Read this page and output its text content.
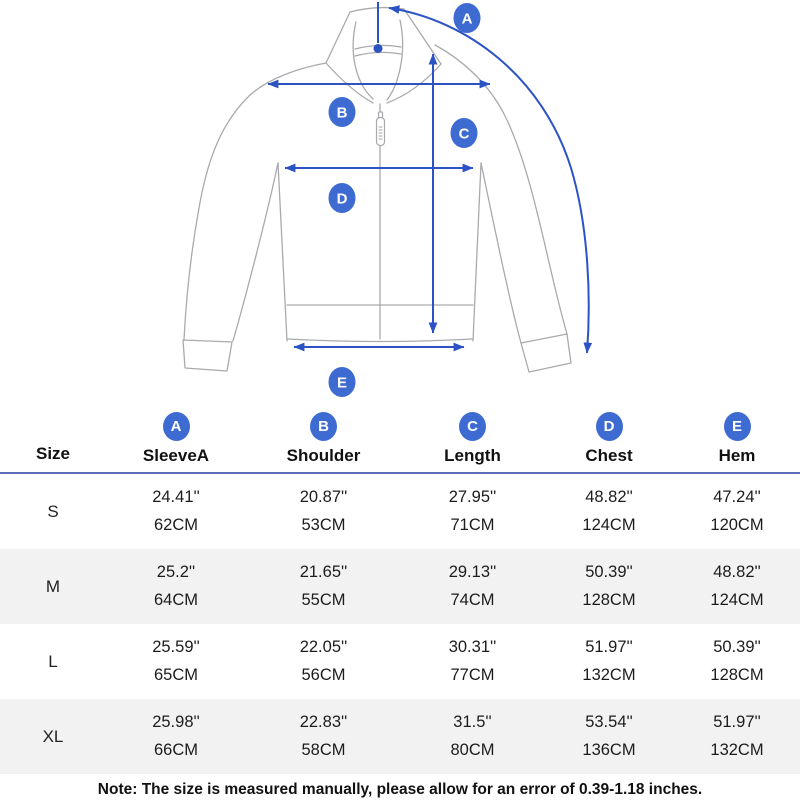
A
B
C
D
E
Size
A
SleeveA
B
Shoulder
C
Length
D
Chest
E
Hem
S
24.41''
62CM
20.87''
53CM
27.95''
71CM
48.82''
124CM
47.24''
120CM
M
25.2''
64CM
21.65''
55CM
29.13''
74CM
50.39''
128CM
48.82''
124CM
L
25.59''
65CM
22.05''
56CM
30.31''
77CM
51.97''
132CM
50.39''
128CM
XL
25.98''
66CM
22.83''
58CM
31.5''
80CM
53.54''
136CM
51.97''
132CM
Note: The size is measured manually, please allow for an error of 0.39-1.18 inches.
